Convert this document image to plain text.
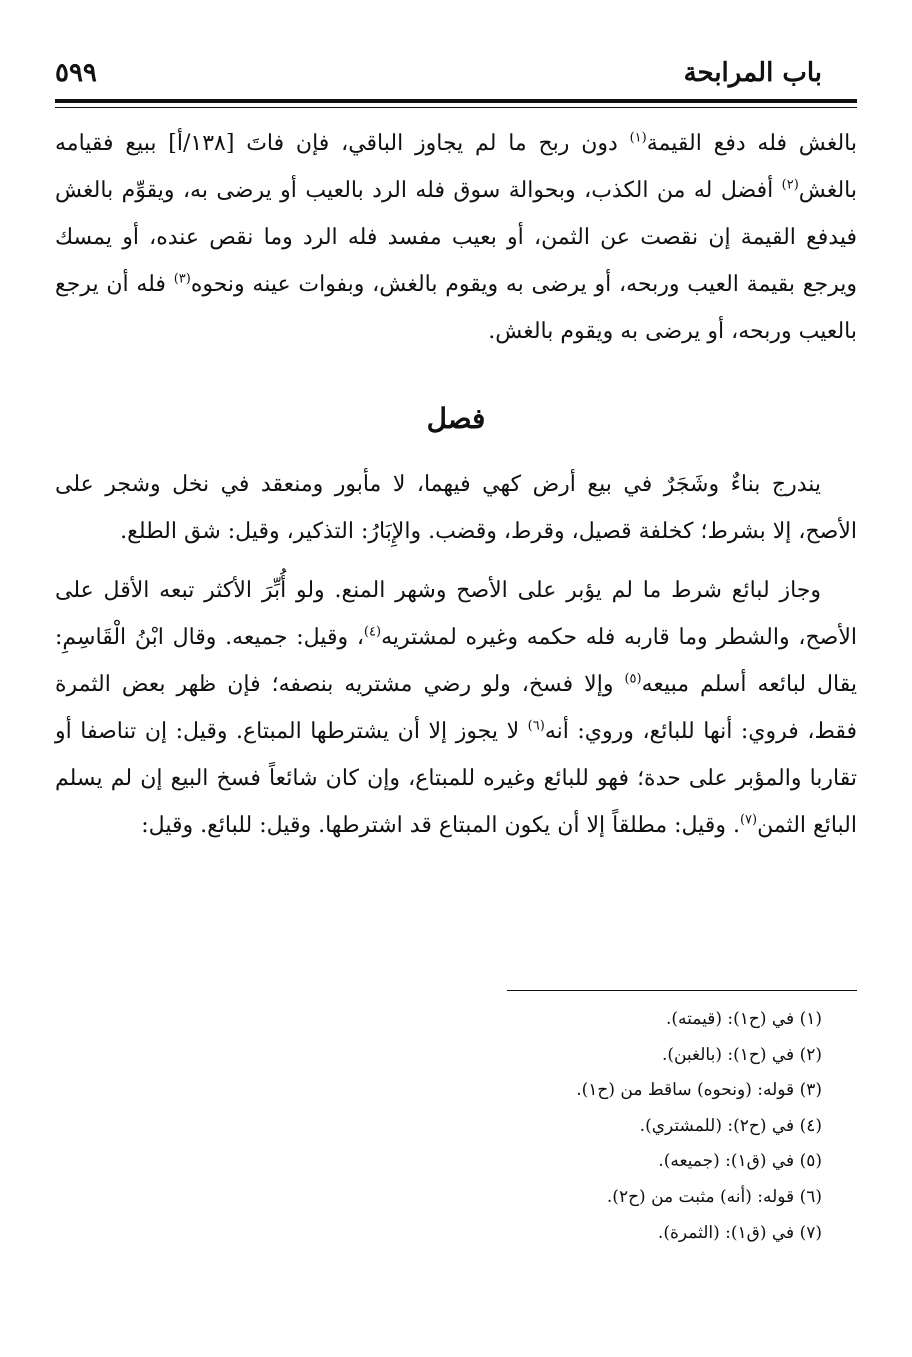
باب المرابحة
٥٩٩

بالغش فله دفع القيمة$^{(١)}$ دون ربح ما لم يجاوز الباقي، فإن فاتَ [١٣٨/أ] ببيع فقيامه بالغش$^{(٢)}$ أفضل له من الكذب، وبحوالة سوق فله الرد بالعيب أو يرضى به، ويقوِّم بالغش فيدفع القيمة إن نقصت عن الثمن، أو بعيب مفسد فله الرد وما نقص عنده، أو يمسك ويرجع بقيمة العيب وربحه، أو يرضى به ويقوم بالغش، وبفوات عينه ونحوه$^{(٣)}$ فله أن يرجع بالعيب وربحه، أو يرضى به ويقوم بالغش.

فصل

يندرج بناءٌ وشَجَرٌ في بيع أرض كهي فيهما، لا مأبور ومنعقد في نخل وشجر على الأصح، إلا بشرط؛ كخلفة قصيل، وقرط، وقضب. والإِبَارُ: التذكير، وقيل: شق الطلع.

وجاز لبائع شرط ما لم يؤبر على الأصح وشهر المنع. ولو أُبِّرَ الأكثر تبعه الأقل على الأصح، والشطر وما قاربه فله حكمه وغيره لمشتريه$^{(٤)}$، وقيل: جميعه. وقال ابْنُ الْقَاسِمِ: يقال لبائعه أسلم مبيعه$^{(٥)}$ وإلا فسخ، ولو رضي مشتريه بنصفه؛ فإن ظهر بعض الثمرة فقط، فروي: أنها للبائع، وروي: أنه$^{(٦)}$ لا يجوز إلا أن يشترطها المبتاع. وقيل: إن تناصفا أو تقاربا والمؤبر على حدة؛ فهو للبائع وغيره للمبتاع، وإن كان شائعاً فسخ البيع إن لم يسلم البائع الثمن$^{(٧)}$. وقيل: مطلقاً إلا أن يكون المبتاع قد اشترطها. وقيل: للبائع. وقيل:

(١) في (ح١): (قيمته).
(٢) في (ح١): (بالغبن).
(٣) قوله: (ونحوه) ساقط من (ح١).
(٤) في (ح٢): (للمشتري).
(٥) في (ق١): (جميعه).
(٦) قوله: (أنه) مثبت من (ح٢).
(٧) في (ق١): (الثمرة).
